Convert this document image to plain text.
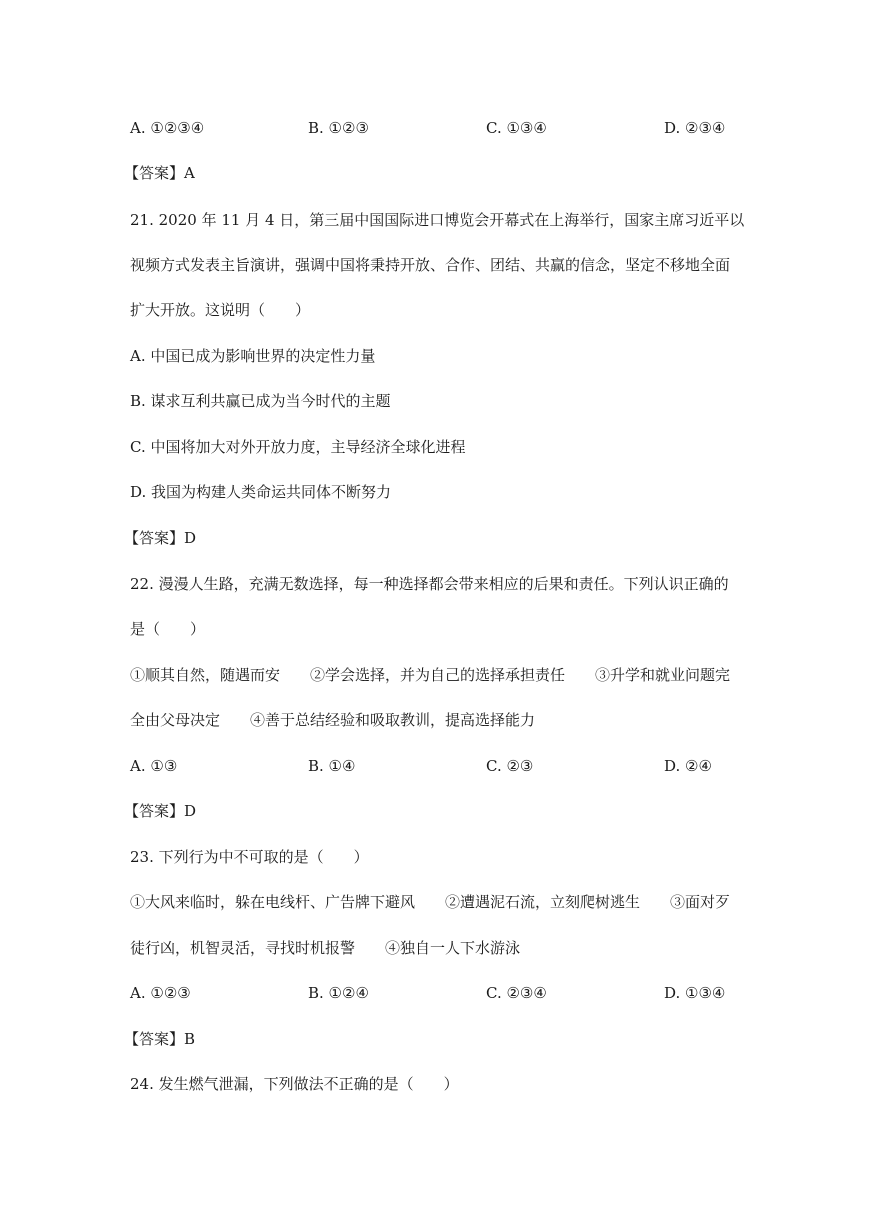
A. ①②③④	B. ①②③	C. ①③④	D. ②③④
【答案】A
21. 2020 年 11 月 4 日，第三届中国国际进口博览会开幕式在上海举行，国家主席习近平以
视频方式发表主旨演讲，强调中国将秉持开放、合作、团结、共赢的信念，坚定不移地全面
扩大开放。这说明（　　）
A. 中国已成为影响世界的决定性力量
B. 谋求互利共赢已成为当今时代的主题
C. 中国将加大对外开放力度，主导经济全球化进程
D. 我国为构建人类命运共同体不断努力
【答案】D
22. 漫漫人生路，充满无数选择，每一种选择都会带来相应的后果和责任。下列认识正确的
是（　　）
①顺其自然，随遇而安　　②学会选择，并为自己的选择承担责任　　③升学和就业问题完
全由父母决定　　④善于总结经验和吸取教训，提高选择能力
A. ①③	B. ①④	C. ②③	D. ②④
【答案】D
23. 下列行为中不可取的是（　　）
①大风来临时，躲在电线杆、广告牌下避风　　②遭遇泥石流，立刻爬树逃生　　③面对歹
徒行凶，机智灵活，寻找时机报警　　④独自一人下水游泳
A. ①②③	B. ①②④	C. ②③④	D. ①③④
【答案】B
24. 发生燃气泄漏，下列做法不正确的是（　　）
